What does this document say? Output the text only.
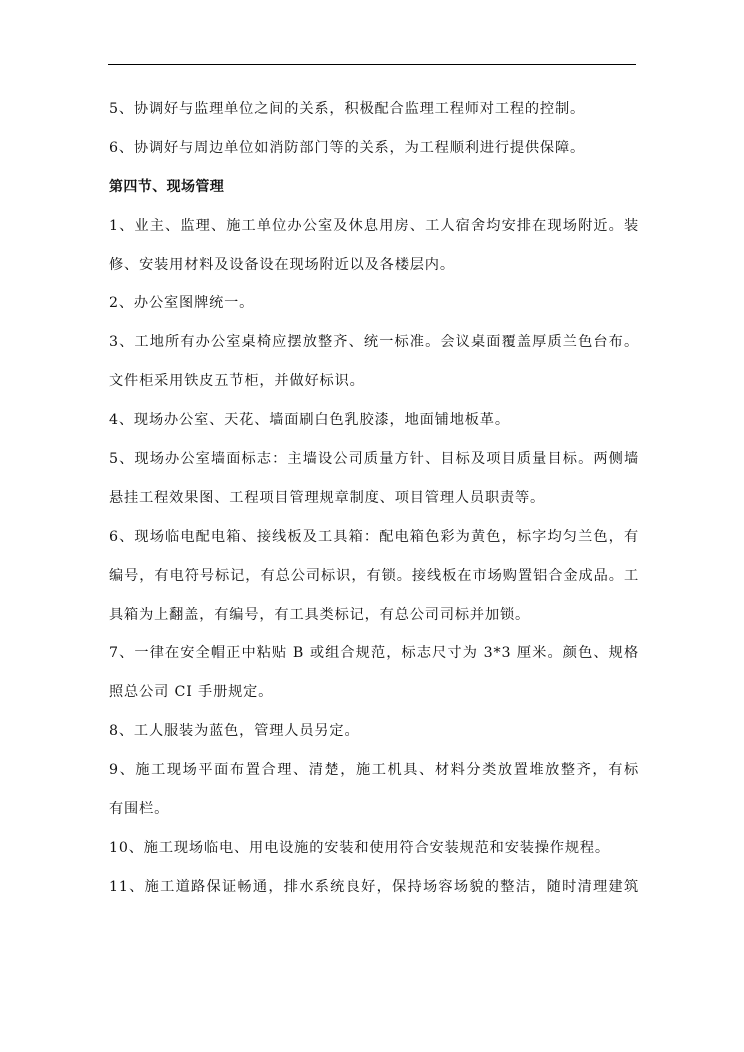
5、协调好与监理单位之间的关系，积极配合监理工程师对工程的控制。
6、协调好与周边单位如消防部门等的关系，为工程顺利进行提供保障。
第四节、现场管理
1、业主、监理、施工单位办公室及休息用房、工人宿舍均安排在现场附近。装
修、安装用材料及设备设在现场附近以及各楼层内。
2、办公室图牌统一。
3、工地所有办公室桌椅应摆放整齐、统一标准。会议桌面覆盖厚质兰色台布。
文件柜采用铁皮五节柜，并做好标识。
4、现场办公室、天花、墙面刷白色乳胶漆，地面铺地板革。
5、现场办公室墙面标志：主墙设公司质量方针、目标及项目质量目标。两侧墙
悬挂工程效果图、工程项目管理规章制度、项目管理人员职责等。
6、现场临电配电箱、接线板及工具箱：配电箱色彩为黄色，标字均匀兰色，有
编号，有电符号标记，有总公司标识，有锁。接线板在市场购置铝合金成品。工
具箱为上翻盖，有编号，有工具类标记，有总公司司标并加锁。
7、一律在安全帽正中粘贴 B 或组合规范，标志尺寸为 3*3 厘米。颜色、规格
照总公司 CI 手册规定。
8、工人服装为蓝色，管理人员另定。
9、施工现场平面布置合理、清楚，施工机具、材料分类放置堆放整齐，有标
有围栏。
10、施工现场临电、用电设施的安装和使用符合安装规范和安装操作规程。
11、施工道路保证畅通，排水系统良好，保持场容场貌的整洁，随时清理建筑
